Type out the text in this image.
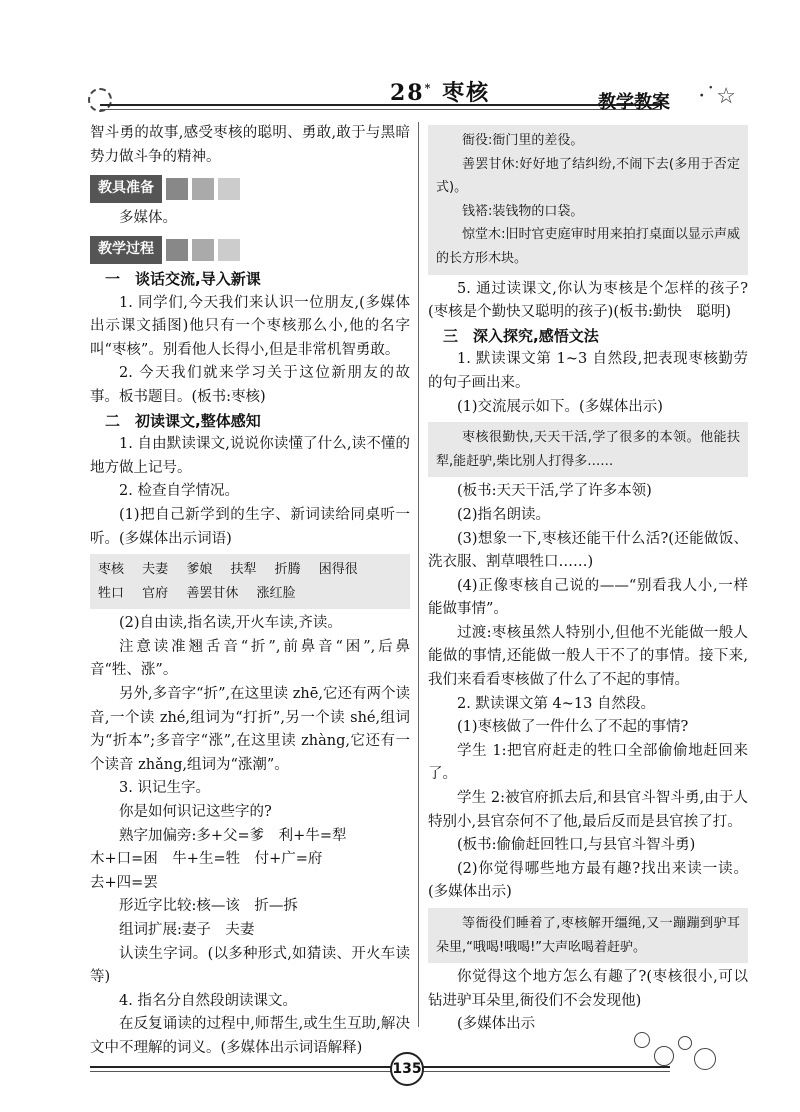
28* 枣核	教学教案 ·˙☆

智斗勇的故事,感受枣核的聪明、勇敢,敢于与黑暗势力做斗争的精神。

教具准备

多媒体。

教学过程

一　谈话交流,导入新课

1. 同学们,今天我们来认识一位朋友,(多媒体出示课文插图)他只有一个枣核那么小,他的名字叫“枣核”。别看他人长得小,但是非常机智勇敢。

2. 今天我们就来学习关于这位新朋友的故事。板书题目。(板书:枣核)

二　初读课文,整体感知

1. 自由默读课文,说说你读懂了什么,读不懂的地方做上记号。

2. 检查自学情况。

(1)把自己新学到的生字、新词读给同桌听一听。(多媒体出示词语)

枣核 夫妻 爹娘 扶犁 折腾 困得很 牲口 官府 善罢甘休 涨红脸

(2)自由读,指名读,开火车读,齐读。

注意读准翘舌音“折”,前鼻音“困”,后鼻音“牲、涨”。

另外,多音字“折”,在这里读 zhē,它还有两个读音,一个读 zhé,组词为“打折”,另一个读 shé,组词为“折本”;多音字“涨”,在这里读 zhàng,它还有一个读音 zhǎng,组词为“涨潮”。

3. 识记生字。

你是如何识记这些字的?

熟字加偏旁:多+父=爹　利+牛=犁

木+口=困　牛+生=牲　付+广=府

去+四=罢

形近字比较:核—该　折—拆

组词扩展:妻子　夫妻

认读生字词。(以多种形式,如猜读、开火车读等)

4. 指名分自然段朗读课文。

在反复诵读的过程中,师帮生,或生生互助,解决文中不理解的词义。(多媒体出示词语解释)

衙役:衙门里的差役。

善罢甘休:好好地了结纠纷,不闹下去(多用于否定式)。

钱褡:装钱物的口袋。

惊堂木:旧时官吏庭审时用来拍打桌面以显示声威的长方形木块。

5. 通过读课文,你认为枣核是个怎样的孩子?(枣核是个勤快又聪明的孩子)(板书:勤快　聪明)

三　深入探究,感悟文法

1. 默读课文第 1~3 自然段,把表现枣核勤劳的句子画出来。

(1)交流展示如下。(多媒体出示)

枣核很勤快,天天干活,学了很多的本领。他能扶犁,能赶驴,柴比别人打得多……

(板书:天天干活,学了许多本领)

(2)指名朗读。

(3)想象一下,枣核还能干什么活?(还能做饭、洗衣服、割草喂牲口……)

(4)正像枣核自己说的——“别看我人小,一样能做事情”。

过渡:枣核虽然人特别小,但他不光能做一般人能做的事情,还能做一般人干不了的事情。接下来,我们来看看枣核做了什么了不起的事情。

2. 默读课文第 4~13 自然段。

(1)枣核做了一件什么了不起的事情?

学生 1:把官府赶走的牲口全部偷偷地赶回来了。

学生 2:被官府抓去后,和县官斗智斗勇,由于人特别小,县官奈何不了他,最后反而是县官挨了打。

(板书:偷偷赶回牲口,与县官斗智斗勇)

(2)你觉得哪些地方最有趣?找出来读一读。(多媒体出示)

等衙役们睡着了,枣核解开缰绳,又一蹦蹦到驴耳朵里,“哦喝!哦喝!”大声吆喝着赶驴。

你觉得这个地方怎么有趣了?(枣核很小,可以钻进驴耳朵里,衙役们不会发现他)

(多媒体出示

135
